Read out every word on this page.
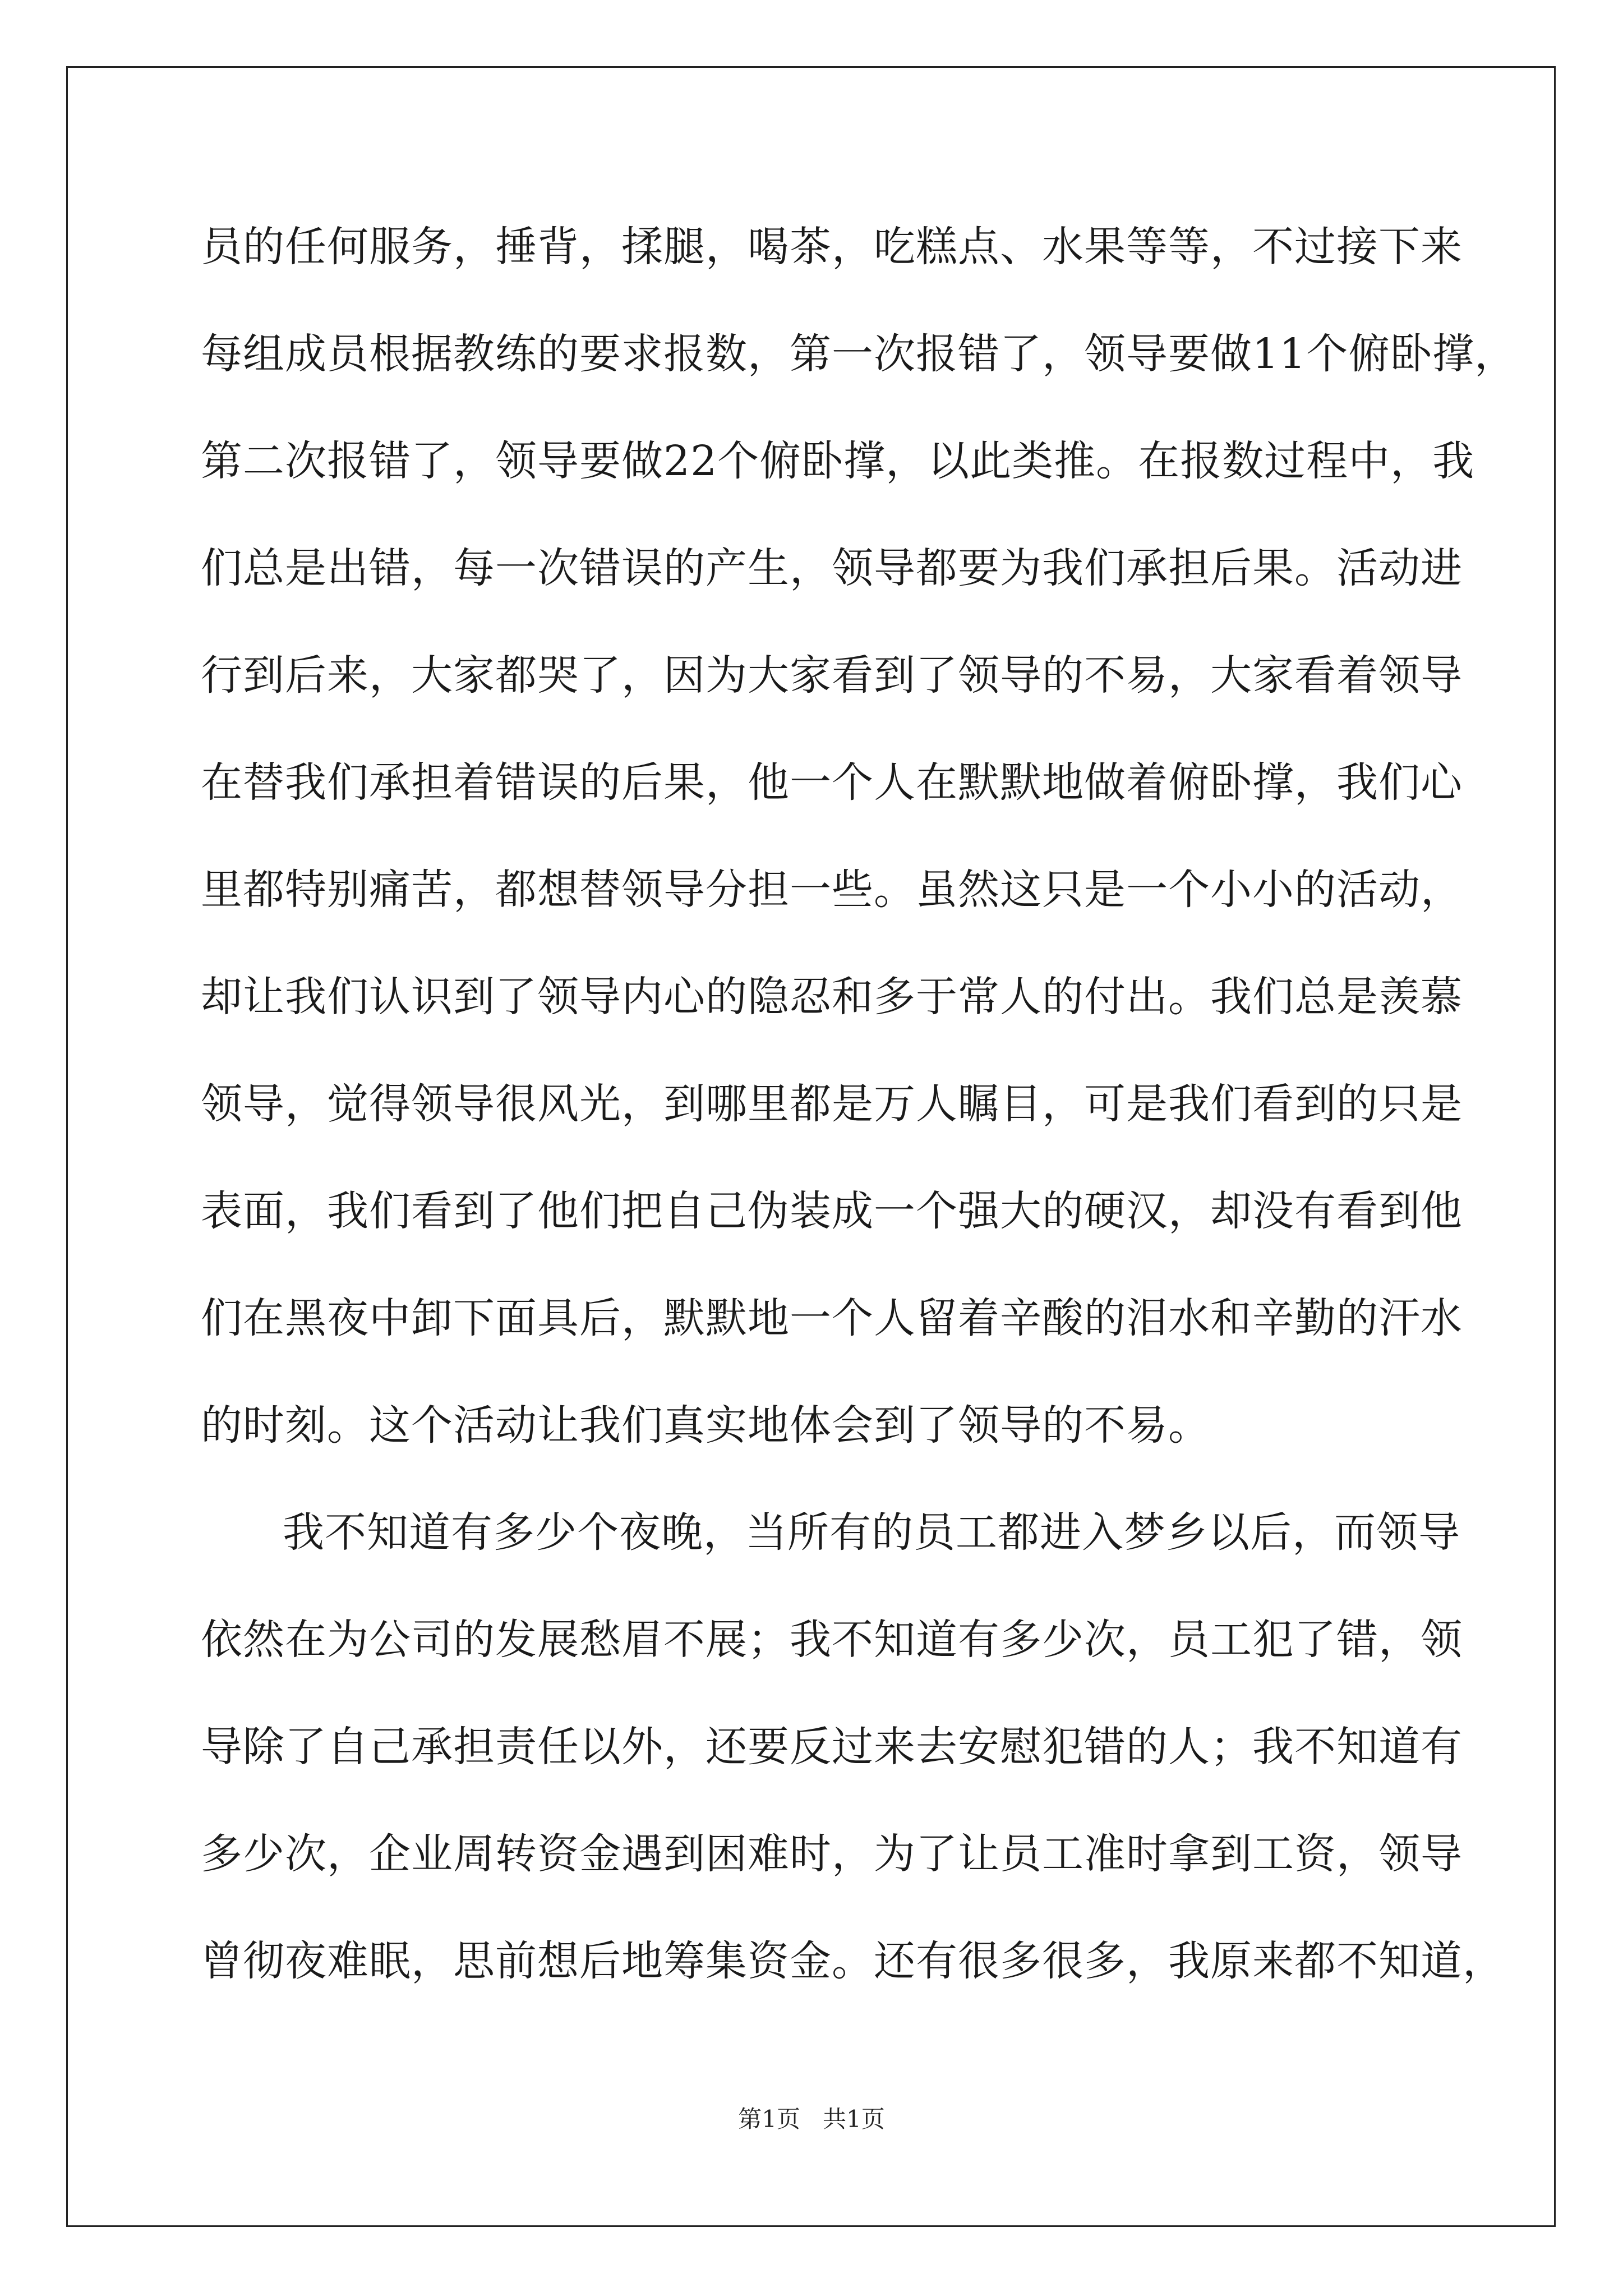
员的任何服务，捶背，揉腿，喝茶，吃糕点、水果等等，不过接下来
每组成员根据教练的要求报数，第一次报错了，领导要做11个俯卧撑，
第二次报错了，领导要做22个俯卧撑，以此类推。在报数过程中，我
们总是出错，每一次错误的产生，领导都要为我们承担后果。活动进
行到后来，大家都哭了，因为大家看到了领导的不易，大家看着领导
在替我们承担着错误的后果，他一个人在默默地做着俯卧撑，我们心
里都特别痛苦，都想替领导分担一些。虽然这只是一个小小的活动，
却让我们认识到了领导内心的隐忍和多于常人的付出。我们总是羡慕
领导，觉得领导很风光，到哪里都是万人瞩目，可是我们看到的只是
表面，我们看到了他们把自己伪装成一个强大的硬汉，却没有看到他
们在黑夜中卸下面具后，默默地一个人留着辛酸的泪水和辛勤的汗水
的时刻。这个活动让我们真实地体会到了领导的不易。
我不知道有多少个夜晚，当所有的员工都进入梦乡以后，而领导
依然在为公司的发展愁眉不展；我不知道有多少次，员工犯了错，领
导除了自己承担责任以外，还要反过来去安慰犯错的人；我不知道有
多少次，企业周转资金遇到困难时，为了让员工准时拿到工资，领导
曾彻夜难眠，思前想后地筹集资金。还有很多很多，我原来都不知道，
第1页   共1页
